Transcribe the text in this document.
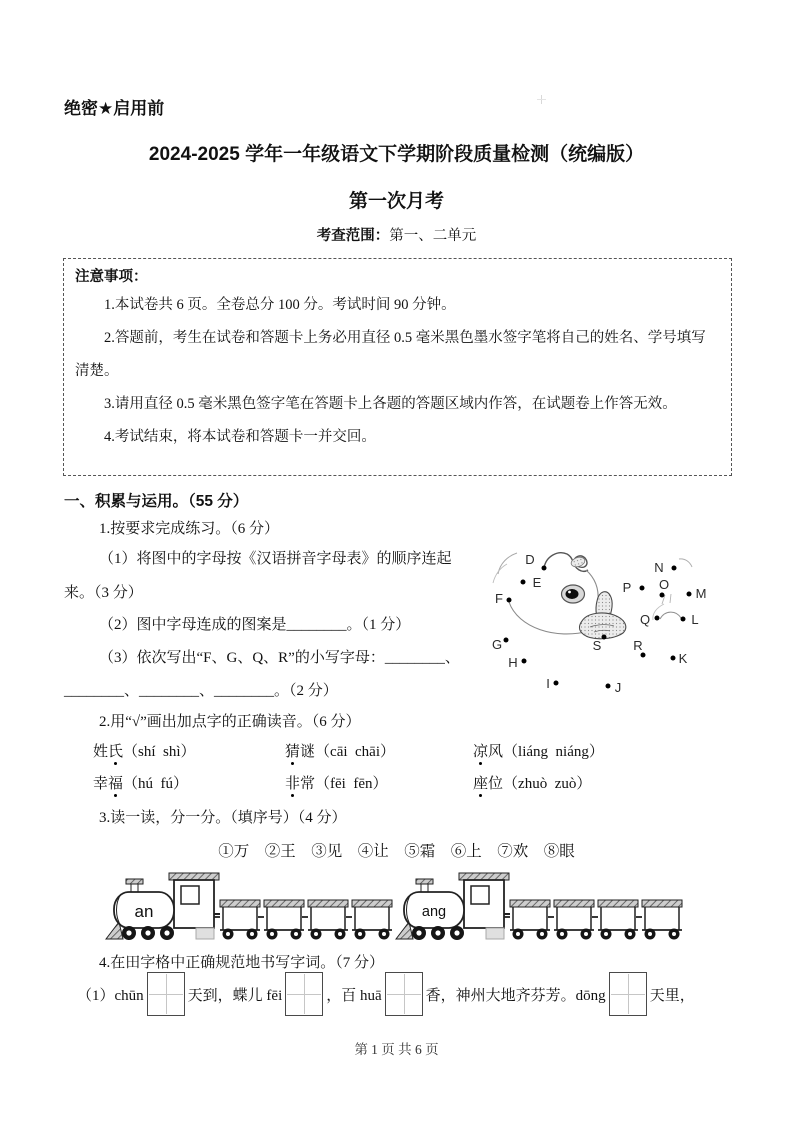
绝密★启用前
2024-2025 学年一年级语文下学期阶段质量检测（统编版）
第一次月考
考查范围：第一、二单元
注意事项：

1.本试卷共 6 页。全卷总分 100 分。考试时间 90 分钟。

2.答题前，考生在试卷和答题卡上务必用直径 0.5 毫米黑色墨水签字笔将自己的姓名、学号填写清楚。

3.请用直径 0.5 毫米黑色签字笔在答题卡上各题的答题区域内作答，在试题卷上作答无效。

4.考试结束，将本试卷和答题卡一并交回。

一、积累与运用。（55 分）
1.按要求完成练习。（6 分）
（1）将图中的字母按《汉语拼音字母表》的顺序连起
来。（3 分）
（2）图中字母连成的图案是________。（1 分）
（3）依次写出“F、G、Q、R”的小写字母：________、
________、________、________。（2 分）
D
E
F
G
H
I	J
K
L
M
N
O
P
Q
R
S
2.用“√”画出加点字的正确读音。（6 分）
姓氏（shí  shì）	猜谜（cāi  chāi）	凉风（liáng  niáng）
幸福（hú  fú）	非常（fēi  fēn）	座位（zhuò  zuò）
3.读一读，分一分。（填序号）（4 分）
①万　②王　③见　④让　⑤霜　⑥上　⑦欢　⑧眼
an	ang
4.在田字格中正确规范地书写字词。（7 分）
（1）chūn	天到，蝶儿 fēi	，百 huā	香，神州大地齐芬芳。dōng	天里，
第 1 页 共 6 页
